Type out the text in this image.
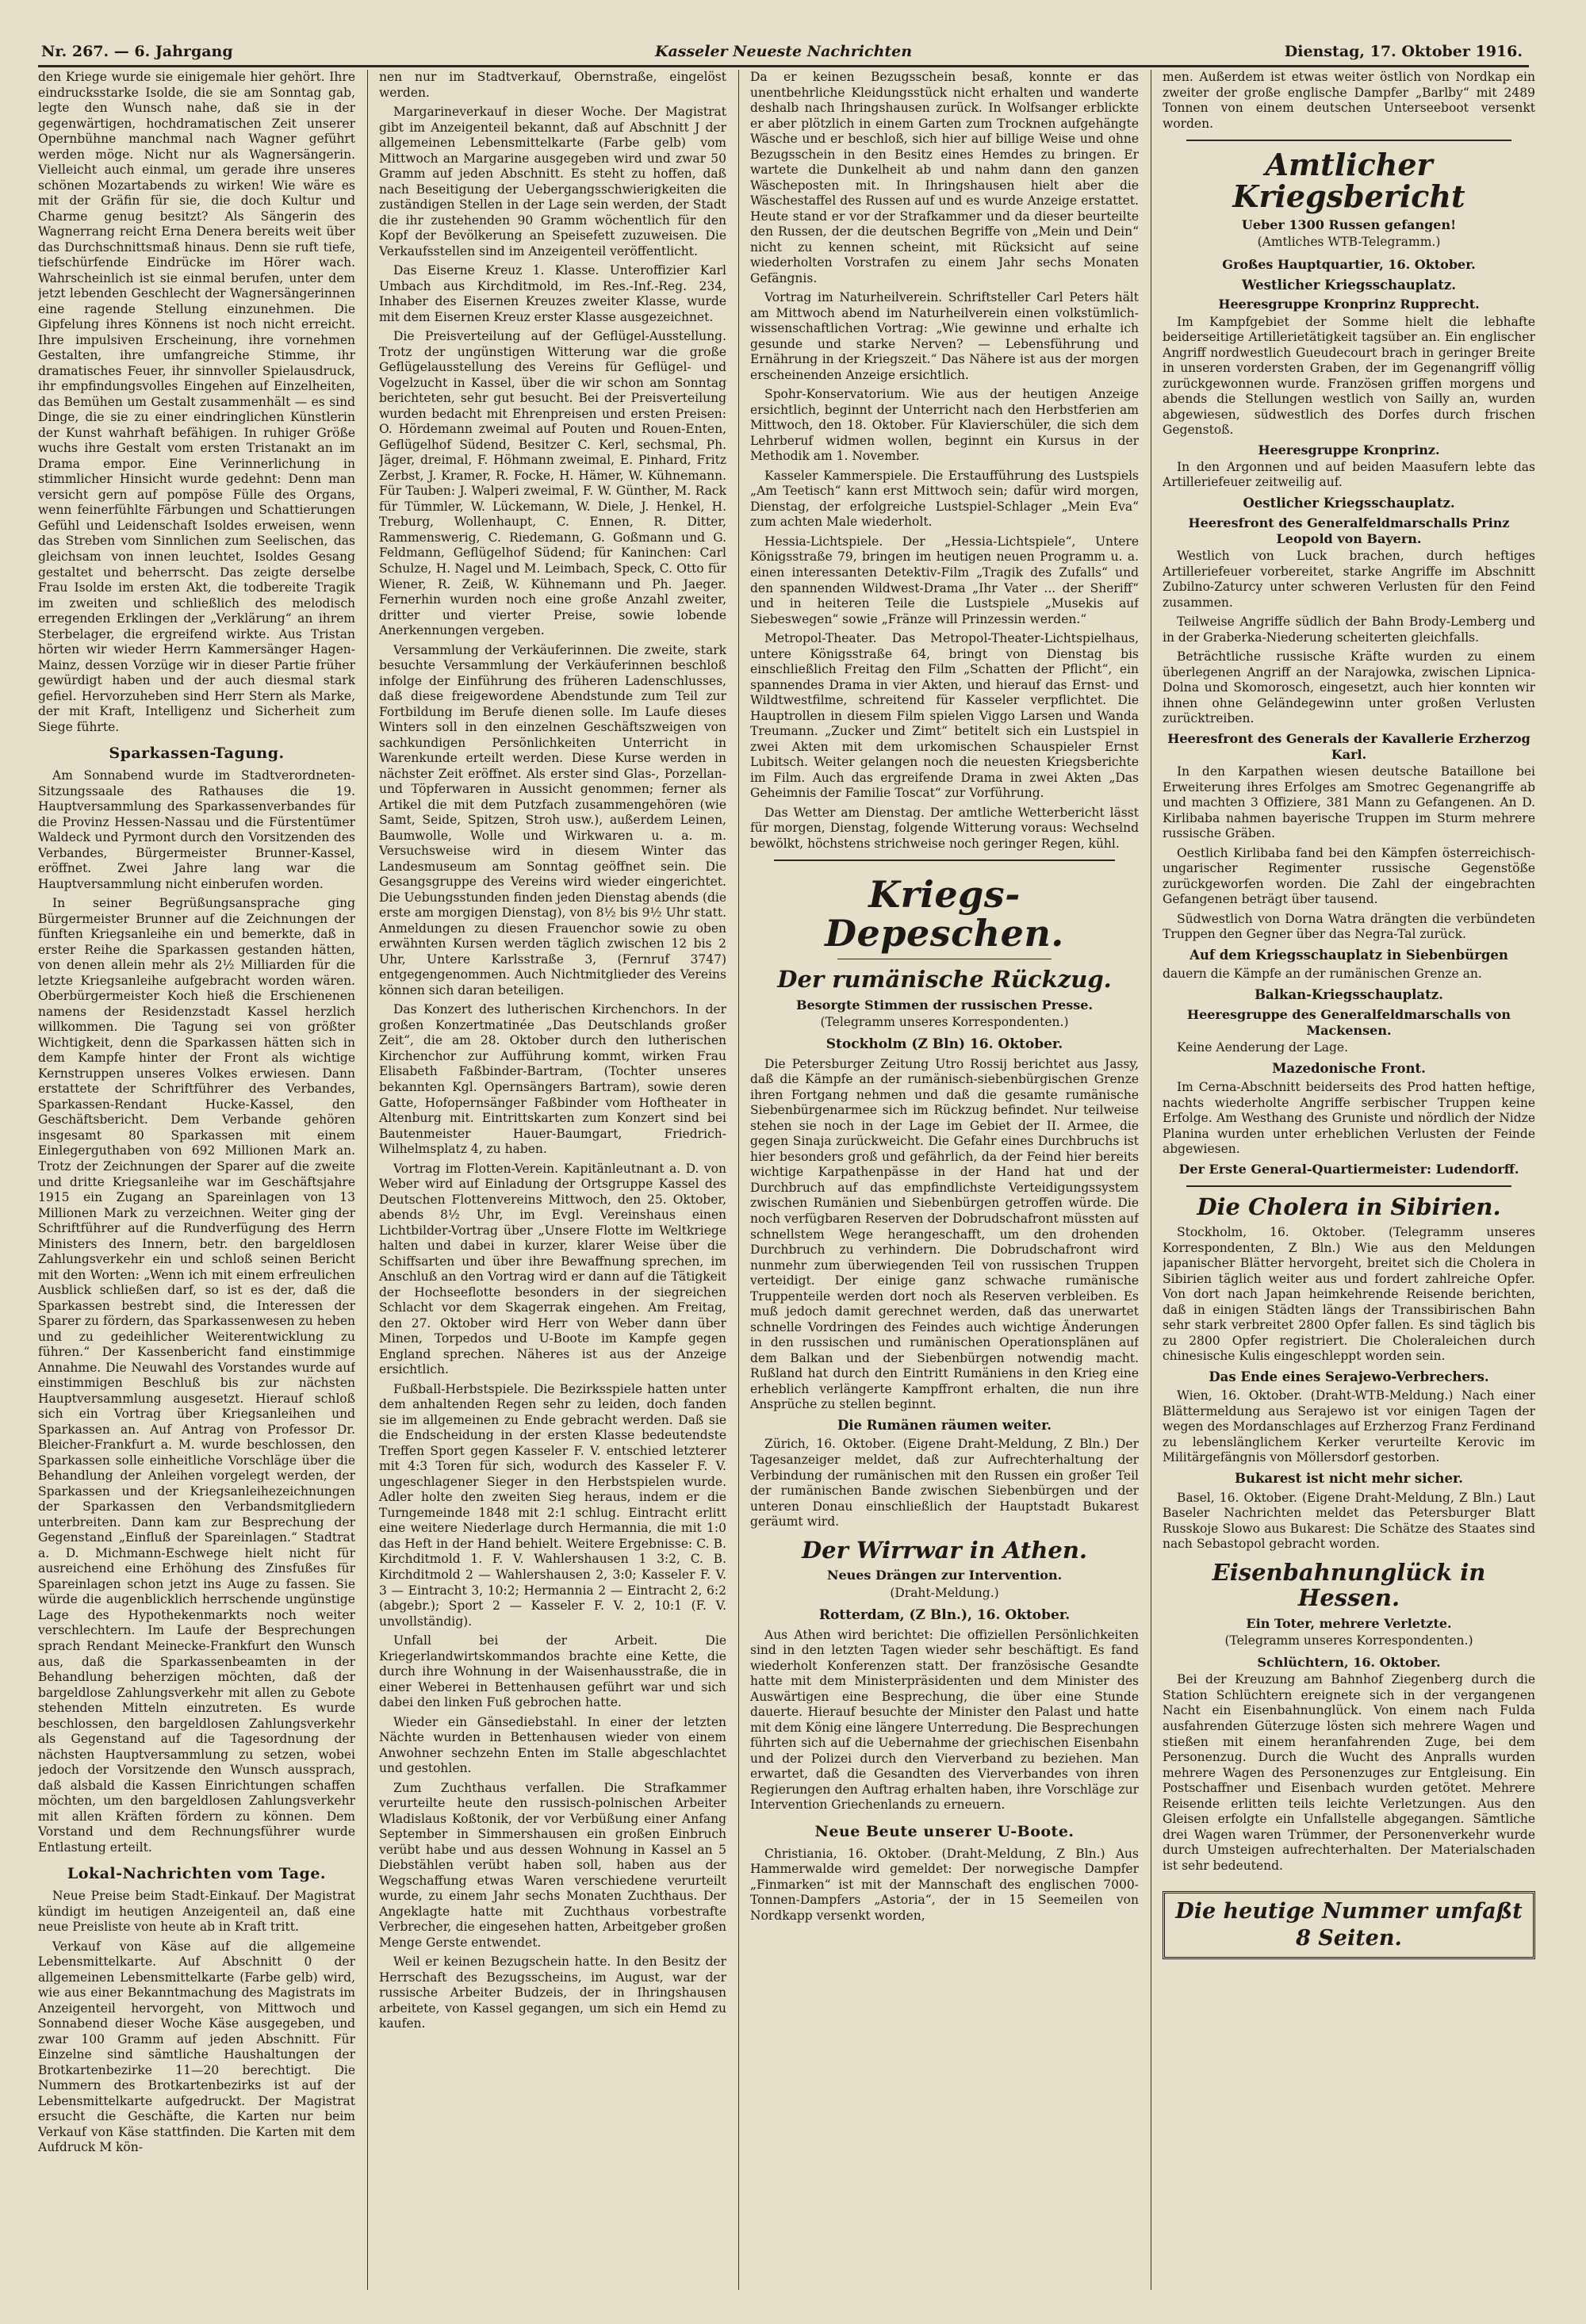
Nr. 267. — 6. Jahrgang	Kasseler Neueste Nachrichten	Dienstag, 17. Oktober 1916.

den Kriege wurde sie einigemale hier gehört. Ihre eindrucksstarke Isolde, die sie am Sonntag gab, legte den Wunsch nahe, daß sie in der gegenwärtigen, hochdramatischen Zeit unserer Opernbühne manchmal nach Wagner geführt werden möge. Nicht nur als Wagnersängerin. Vielleicht auch einmal, um gerade ihre unseres schönen Mozartabends zu wirken! Wie wäre es mit der Gräfin für sie, die doch Kultur und Charme genug besitzt? Als Sängerin des Wagnerrang reicht Erna Denera bereits weit über das Durchschnittsmaß hinaus. Denn sie ruft tiefe, tiefschürfende Eindrücke im Hörer wach. Wahrscheinlich ist sie einmal berufen, unter dem jetzt lebenden Geschlecht der Wagnersängerinnen eine ragende Stellung einzunehmen. Die Gipfelung ihres Könnens ist noch nicht erreicht. Ihre impulsiven Erscheinung, ihre vornehmen Gestalten, ihre umfangreiche Stimme, ihr dramatisches Feuer, ihr sinnvoller Spielausdruck, ihr empfindungsvolles Eingehen auf Einzelheiten, das Bemühen um Gestalt zusammenhält — es sind Dinge, die sie zu einer eindringlichen Künstlerin der Kunst wahrhaft befähigen. In ruhiger Größe wuchs ihre Gestalt vom ersten Tristanakt an im Drama empor. Eine Verinnerlichung in stimmlicher Hinsicht wurde gedehnt: Denn man versicht gern auf pompöse Fülle des Organs, wenn feinerfühlte Färbungen und Schattierungen Gefühl und Leidenschaft Isoldes erweisen, wenn das Streben vom Sinnlichen zum Seelischen, das gleichsam von innen leuchtet, Isoldes Gesang gestaltet und beherrscht. Das zeigte derselbe Frau Isolde im ersten Akt, die todbereite Tragik im zweiten und schließlich des melodisch erregenden Erklingen der „Verklärung“ an ihrem Sterbelager, die ergreifend wirkte. Aus Tristan hörten wir wieder Herrn Kammersänger Hagen-Mainz, dessen Vorzüge wir in dieser Partie früher gewürdigt haben und der auch diesmal stark gefiel. Hervorzuheben sind Herr Stern als Marke, der mit Kraft, Intelligenz und Sicherheit zum Siege führte.

Sparkassen-Tagung.

Am Sonnabend wurde im Stadtverordneten-Sitzungssaale des Rathauses die 19. Hauptversammlung des Sparkassenverbandes für die Provinz Hessen-Nassau und die Fürstentümer Waldeck und Pyrmont durch den Vorsitzenden des Verbandes, Bürgermeister Brunner-Kassel, eröffnet. Zwei Jahre lang war die Hauptversammlung nicht einberufen worden.

In seiner Begrüßungsansprache ging Bürgermeister Brunner auf die Zeichnungen der fünften Kriegsanleihe ein und bemerkte, daß in erster Reihe die Sparkassen gestanden hätten, von denen allein mehr als 2½ Milliarden für die letzte Kriegsanleihe aufgebracht worden wären. Oberbürgermeister Koch hieß die Erschienenen namens der Residenzstadt Kassel herzlich willkommen. Die Tagung sei von größter Wichtigkeit, denn die Sparkassen hätten sich in dem Kampfe hinter der Front als wichtige Kernstruppen unseres Volkes erwiesen. Dann erstattete der Schriftführer des Verbandes, Sparkassen-Rendant Hucke-Kassel, den Geschäftsbericht. Dem Verbande gehören insgesamt 80 Sparkassen mit einem Einlegerguthaben von 692 Millionen Mark an. Trotz der Zeichnungen der Sparer auf die zweite und dritte Kriegsanleihe war im Geschäftsjahre 1915 ein Zugang an Spareinlagen von 13 Millionen Mark zu verzeichnen. Weiter ging der Schriftführer auf die Rundverfügung des Herrn Ministers des Innern, betr. den bargeldlosen Zahlungsverkehr ein und schloß seinen Bericht mit den Worten: „Wenn ich mit einem erfreulichen Ausblick schließen darf, so ist es der, daß die Sparkassen bestrebt sind, die Interessen der Sparer zu fördern, das Sparkassenwesen zu heben und zu gedeihlicher Weiterentwicklung zu führen.“ Der Kassenbericht fand einstimmige Annahme. Die Neuwahl des Vorstandes wurde auf einstimmigen Beschluß bis zur nächsten Hauptversammlung ausgesetzt. Hierauf schloß sich ein Vortrag über Kriegsanleihen und Sparkassen an. Auf Antrag von Professor Dr. Bleicher-Frankfurt a. M. wurde beschlossen, den Sparkassen solle einheitliche Vorschläge über die Behandlung der Anleihen vorgelegt werden, der Sparkassen und der Kriegsanleihezeichnungen der Sparkassen den Verbandsmitgliedern unterbreiten. Dann kam zur Besprechung der Gegenstand „Einfluß der Spareinlagen.“ Stadtrat a. D. Michmann-Eschwege hielt nicht für ausreichend eine Erhöhung des Zinsfußes für Spareinlagen schon jetzt ins Auge zu fassen. Sie würde die augenblicklich herrschende ungünstige Lage des Hypothekenmarkts noch weiter verschlechtern. Im Laufe der Besprechungen sprach Rendant Meinecke-Frankfurt den Wunsch aus, daß die Sparkassenbeamten in der Behandlung beherzigen möchten, daß der bargeldlose Zahlungsverkehr mit allen zu Gebote stehenden Mitteln einzutreten. Es wurde beschlossen, den bargeldlosen Zahlungsverkehr als Gegenstand auf die Tagesordnung der nächsten Hauptversammlung zu setzen, wobei jedoch der Vorsitzende den Wunsch aussprach, daß alsbald die Kassen Einrichtungen schaffen möchten, um den bargeldlosen Zahlungsverkehr mit allen Kräften fördern zu können. Dem Vorstand und dem Rechnungsführer wurde Entlastung erteilt.

Lokal-Nachrichten vom Tage.

Neue Preise beim Stadt-Einkauf. Der Magistrat kündigt im heutigen Anzeigenteil an, daß eine neue Preisliste von heute ab in Kraft tritt.

Verkauf von Käse auf die allgemeine Lebensmittelkarte. Auf Abschnitt 0 der allgemeinen Lebensmittelkarte (Farbe gelb) wird, wie aus einer Bekanntmachung des Magistrats im Anzeigenteil hervorgeht, von Mittwoch und Sonnabend dieser Woche Käse ausgegeben, und zwar 100 Gramm auf jeden Abschnitt. Für Einzelne sind sämtliche Haushaltungen der Brotkartenbezirke 11—20 berechtigt. Die Nummern des Brotkartenbezirks ist auf der Lebensmittelkarte aufgedruckt. Der Magistrat ersucht die Geschäfte, die Karten nur beim Verkauf von Käse stattfinden. Die Karten mit dem Aufdruck M kön-

nen nur im Stadtverkauf, Obernstraße, eingelöst werden.

Margarineverkauf in dieser Woche. Der Magistrat gibt im Anzeigenteil bekannt, daß auf Abschnitt J der allgemeinen Lebensmittelkarte (Farbe gelb) vom Mittwoch an Margarine ausgegeben wird und zwar 50 Gramm auf jeden Abschnitt. Es steht zu hoffen, daß nach Beseitigung der Uebergangsschwierigkeiten die zuständigen Stellen in der Lage sein werden, der Stadt die ihr zustehenden 90 Gramm wöchentlich für den Kopf der Bevölkerung an Speisefett zuzuweisen. Die Verkaufsstellen sind im Anzeigenteil veröffentlicht.

Das Eiserne Kreuz 1. Klasse. Unteroffizier Karl Umbach aus Kirchditmold, im Res.-Inf.-Reg. 234, Inhaber des Eisernen Kreuzes zweiter Klasse, wurde mit dem Eisernen Kreuz erster Klasse ausgezeichnet.

Die Preisverteilung auf der Geflügel-Ausstellung. Trotz der ungünstigen Witterung war die große Geflügelausstellung des Vereins für Geflügel- und Vogelzucht in Kassel, über die wir schon am Sonntag berichteten, sehr gut besucht. Bei der Preisverteilung wurden bedacht mit Ehrenpreisen und ersten Preisen: O. Hördemann zweimal auf Pouten und Rouen-Enten, Geflügelhof Südend, Besitzer C. Kerl, sechsmal, Ph. Jäger, dreimal, F. Höhmann zweimal, E. Pinhard, Fritz Zerbst, J. Kramer, R. Focke, H. Hämer, W. Kühnemann. Für Tauben: J. Walperi zweimal, F. W. Günther, M. Rack für Tümmler, W. Lückemann, W. Diele, J. Henkel, H. Treburg, Wollenhaupt, C. Ennen, R. Ditter, Rammenswerig, C. Riedemann, G. Goßmann und G. Feldmann, Geflügelhof Südend; für Kaninchen: Carl Schulze, H. Nagel und M. Leimbach, Speck, C. Otto für Wiener, R. Zeiß, W. Kühnemann und Ph. Jaeger. Fernerhin wurden noch eine große Anzahl zweiter, dritter und vierter Preise, sowie lobende Anerkennungen vergeben.

Versammlung der Verkäuferinnen. Die zweite, stark besuchte Versammlung der Verkäuferinnen beschloß infolge der Einführung des früheren Ladenschlusses, daß diese freigewordene Abendstunde zum Teil zur Fortbildung im Berufe dienen solle. Im Laufe dieses Winters soll in den einzelnen Geschäftszweigen von sachkundigen Persönlichkeiten Unterricht in Warenkunde erteilt werden. Diese Kurse werden in nächster Zeit eröffnet. Als erster sind Glas-, Porzellan- und Töpferwaren in Aussicht genommen; ferner als Artikel die mit dem Putzfach zusammengehören (wie Samt, Seide, Spitzen, Stroh usw.), außerdem Leinen, Baumwolle, Wolle und Wirkwaren u. a. m. Versuchsweise wird in diesem Winter das Landesmuseum am Sonntag geöffnet sein. Die Gesangsgruppe des Vereins wird wieder eingerichtet. Die Uebungsstunden finden jeden Dienstag abends (die erste am morgigen Dienstag), von 8½ bis 9½ Uhr statt. Anmeldungen zu diesen Frauenchor sowie zu oben erwähnten Kursen werden täglich zwischen 12 bis 2 Uhr, Untere Karlsstraße 3, (Fernruf 3747) entgegengenommen. Auch Nichtmitglieder des Vereins können sich daran beteiligen.

Das Konzert des lutherischen Kirchenchors. In der großen Konzertmatinée „Das Deutschlands großer Zeit“, die am 28. Oktober durch den lutherischen Kirchenchor zur Aufführung kommt, wirken Frau Elisabeth Faßbinder-Bartram, (Tochter unseres bekannten Kgl. Opernsängers Bartram), sowie deren Gatte, Hofopernsänger Faßbinder vom Hoftheater in Altenburg mit. Eintrittskarten zum Konzert sind bei Bautenmeister Hauer-Baumgart, Friedrich-Wilhelmsplatz 4, zu haben.

Vortrag im Flotten-Verein. Kapitänleutnant a. D. von Weber wird auf Einladung der Ortsgruppe Kassel des Deutschen Flottenvereins Mittwoch, den 25. Oktober, abends 8½ Uhr, im Evgl. Vereinshaus einen Lichtbilder-Vortrag über „Unsere Flotte im Weltkriege halten und dabei in kurzer, klarer Weise über die Schiffsarten und über ihre Bewaffnung sprechen, im Anschluß an den Vortrag wird er dann auf die Tätigkeit der Hochseeflotte besonders in der siegreichen Schlacht vor dem Skagerrak eingehen. Am Freitag, den 27. Oktober wird Herr von Weber dann über Minen, Torpedos und U-Boote im Kampfe gegen England sprechen. Näheres ist aus der Anzeige ersichtlich.

Fußball-Herbstspiele. Die Bezirksspiele hatten unter dem anhaltenden Regen sehr zu leiden, doch fanden sie im allgemeinen zu Ende gebracht werden. Daß sie die Endscheidung in der ersten Klasse bedeutendste Treffen Sport gegen Kasseler F. V. entschied letzterer mit 4:3 Toren für sich, wodurch des Kasseler F. V. ungeschlagener Sieger in den Herbstspielen wurde. Adler holte den zweiten Sieg heraus, indem er die Turngemeinde 1848 mit 2:1 schlug. Eintracht erlitt eine weitere Niederlage durch Hermannia, die mit 1:0 das Heft in der Hand behielt. Weitere Ergebnisse: C. B. Kirchditmold 1. F. V. Wahlershausen 1 3:2, C. B. Kirchditmold 2 — Wahlershausen 2, 3:0; Kasseler F. V. 3 — Eintracht 3, 10:2; Hermannia 2 — Eintracht 2, 6:2 (abgebr.); Sport 2 — Kasseler F. V. 2, 10:1 (F. V. unvollständig).

Unfall bei der Arbeit. Die Kriegerlandwirtskommandos brachte eine Kette, die durch ihre Wohnung in der Waisenhausstraße, die in einer Weberei in Bettenhausen geführt war und sich dabei den linken Fuß gebrochen hatte.

Wieder ein Gänsediebstahl. In einer der letzten Nächte wurden in Bettenhausen wieder von einem Anwohner sechzehn Enten im Stalle abgeschlachtet und gestohlen.

Zum Zuchthaus verfallen. Die Strafkammer verurteilte heute den russisch-polnischen Arbeiter Wladislaus Koßtonik, der vor Verbüßung einer Anfang September in Simmershausen ein großen Einbruch verübt habe und aus dessen Wohnung in Kassel an 5 Diebstählen verübt haben soll, haben aus der Wegschaffung etwas Waren verschiedene verurteilt wurde, zu einem Jahr sechs Monaten Zuchthaus. Der Angeklagte hatte mit Zuchthaus vorbestrafte Verbrecher, die eingesehen hatten, Arbeitgeber großen Menge Gerste entwendet.

Weil er keinen Bezugschein hatte. In den Besitz der Herrschaft des Bezugsscheins, im August, war der russische Arbeiter Budzeis, der in Ihringshausen arbeitete, von Kassel gegangen, um sich ein Hemd zu kaufen.

Da er keinen Bezugsschein besaß, konnte er das unentbehrliche Kleidungsstück nicht erhalten und wanderte deshalb nach Ihringshausen zurück. In Wolfsanger erblickte er aber plötzlich in einem Garten zum Trocknen aufgehängte Wäsche und er beschloß, sich hier auf billige Weise und ohne Bezugsschein in den Besitz eines Hemdes zu bringen. Er wartete die Dunkelheit ab und nahm dann den ganzen Wäscheposten mit. In Ihringshausen hielt aber die Wäschestaffel des Russen auf und es wurde Anzeige erstattet. Heute stand er vor der Strafkammer und da dieser beurteilte den Russen, der die deutschen Begriffe von „Mein und Dein“ nicht zu kennen scheint, mit Rücksicht auf seine wiederholten Vorstrafen zu einem Jahr sechs Monaten Gefängnis.

Vortrag im Naturheilverein. Schriftsteller Carl Peters hält am Mittwoch abend im Naturheilverein einen volkstümlich-wissenschaftlichen Vortrag: „Wie gewinne und erhalte ich gesunde und starke Nerven? — Lebensführung und Ernährung in der Kriegszeit.“ Das Nähere ist aus der morgen erscheinenden Anzeige ersichtlich.

Spohr-Konservatorium. Wie aus der heutigen Anzeige ersichtlich, beginnt der Unterricht nach den Herbstferien am Mittwoch, den 18. Oktober. Für Klavierschüler, die sich dem Lehrberuf widmen wollen, beginnt ein Kursus in der Methodik am 1. November.

Kasseler Kammerspiele. Die Erstaufführung des Lustspiels „Am Teetisch“ kann erst Mittwoch sein; dafür wird morgen, Dienstag, der erfolgreiche Lustspiel-Schlager „Mein Eva“ zum achten Male wiederholt.

Hessia-Lichtspiele. Der „Hessia-Lichtspiele“, Untere Königsstraße 79, bringen im heutigen neuen Programm u. a. einen interessanten Detektiv-Film „Tragik des Zufalls“ und den spannenden Wildwest-Drama „Ihr Vater ... der Sheriff“ und in heiteren Teile die Lustspiele „Musekis auf Siebeswegen“ sowie „Fränze will Prinzessin werden.“

Metropol-Theater. Das Metropol-Theater-Lichtspielhaus, untere Königsstraße 64, bringt von Dienstag bis einschließlich Freitag den Film „Schatten der Pflicht“, ein spannendes Drama in vier Akten, und hierauf das Ernst- und Wildtwestfilme, schreitend für Kasseler verpflichtet. Die Hauptrollen in diesem Film spielen Viggo Larsen und Wanda Treumann. „Zucker und Zimt“ betitelt sich ein Lustspiel in zwei Akten mit dem urkomischen Schauspieler Ernst Lubitsch. Weiter gelangen noch die neuesten Kriegsberichte im Film. Auch das ergreifende Drama in zwei Akten „Das Geheimnis der Familie Toscat“ zur Vorführung.

Das Wetter am Dienstag. Der amtliche Wetterbericht lässt für morgen, Dienstag, folgende Witterung voraus: Wechselnd bewölkt, höchstens strichweise noch geringer Regen, kühl.

Kriegs-Depeschen.
Der rumänische Rückzug.
Besorgte Stimmen der russischen Presse.
(Telegramm unseres Korrespondenten.)
Stockholm (Z Bln) 16. Oktober.

Die Petersburger Zeitung Utro Rossij berichtet aus Jassy, daß die Kämpfe an der rumänisch-siebenbürgischen Grenze ihren Fortgang nehmen und daß die gesamte rumänische Siebenbürgenarmee sich im Rückzug befindet. Nur teilweise stehen sie noch in der Lage im Gebiet der II. Armee, die gegen Sinaja zurückweicht. Die Gefahr eines Durchbruchs ist hier besonders groß und gefährlich, da der Feind hier bereits wichtige Karpathenpässe in der Hand hat und der Durchbruch auf das empfindlichste Verteidigungssystem zwischen Rumänien und Siebenbürgen getroffen würde. Die noch verfügbaren Reserven der Dobrudschafront müssten auf schnellstem Wege herangeschafft, um den drohenden Durchbruch zu verhindern. Die Dobrudschafront wird nunmehr zum überwiegenden Teil von russischen Truppen verteidigt. Der einige ganz schwache rumänische Truppenteile werden dort noch als Reserven verbleiben. Es muß jedoch damit gerechnet werden, daß das unerwartet schnelle Vordringen des Feindes auch wichtige Änderungen in den russischen und rumänischen Operationsplänen auf dem Balkan und der Siebenbürgen notwendig macht. Rußland hat durch den Eintritt Rumäniens in den Krieg eine erheblich verlängerte Kampffront erhalten, die nun ihre Ansprüche zu stellen beginnt.

Die Rumänen räumen weiter.

Zürich, 16. Oktober. (Eigene Draht-Meldung, Z Bln.) Der Tagesanzeiger meldet, daß zur Aufrechterhaltung der Verbindung der rumänischen mit den Russen ein großer Teil der rumänischen Bande zwischen Siebenbürgen und der unteren Donau einschließlich der Hauptstadt Bukarest geräumt wird.

Der Wirrwar in Athen.
Neues Drängen zur Intervention.
(Draht-Meldung.)
Rotterdam, (Z Bln.), 16. Oktober.

Aus Athen wird berichtet: Die offiziellen Persönlichkeiten sind in den letzten Tagen wieder sehr beschäftigt. Es fand wiederholt Konferenzen statt. Der französische Gesandte hatte mit dem Ministerpräsidenten und dem Minister des Auswärtigen eine Besprechung, die über eine Stunde dauerte. Hierauf besuchte der Minister den Palast und hatte mit dem König eine längere Unterredung. Die Besprechungen führten sich auf die Uebernahme der griechischen Eisenbahn und der Polizei durch den Vierverband zu beziehen. Man erwartet, daß die Gesandten des Vierverbandes von ihren Regierungen den Auftrag erhalten haben, ihre Vorschläge zur Intervention Griechenlands zu erneuern.

Neue Beute unserer U-Boote.

Christiania, 16. Oktober. (Draht-Meldung, Z Bln.) Aus Hammerwalde wird gemeldet: Der norwegische Dampfer „Finmarken“ ist mit der Mannschaft des englischen 7000-Tonnen-Dampfers „Astoria“, der in 15 Seemeilen von Nordkapp versenkt worden,

men. Außerdem ist etwas weiter östlich von Nordkap ein zweiter der große englische Dampfer „Barlby“ mit 2489 Tonnen von einem deutschen Unterseeboot versenkt worden.

Amtlicher Kriegsbericht
Ueber 1300 Russen gefangen!
(Amtliches WTB-Telegramm.)
Großes Hauptquartier, 16. Oktober.
Westlicher Kriegsschauplatz.
Heeresgruppe Kronprinz Rupprecht.

Im Kampfgebiet der Somme hielt die lebhafte beiderseitige Artillerietätigkeit tagsüber an. Ein englischer Angriff nordwestlich Gueudecourt brach in geringer Breite in unseren vordersten Graben, der im Gegenangriff völlig zurückgewonnen wurde. Französen griffen morgens und abends die Stellungen westlich von Sailly an, wurden abgewiesen, südwestlich des Dorfes durch frischen Gegenstoß.

Heeresgruppe Kronprinz.

In den Argonnen und auf beiden Maasufern lebte das Artilleriefeuer zeitweilig auf.

Oestlicher Kriegsschauplatz.
Heeresfront des Generalfeldmarschalls Prinz Leopold von Bayern.

Westlich von Luck brachen, durch heftiges Artilleriefeuer vorbereitet, starke Angriffe im Abschnitt Zubilno-Zaturcy unter schweren Verlusten für den Feind zusammen.

Teilweise Angriffe südlich der Bahn Brody-Lemberg und in der Graberka-Niederung scheiterten gleichfalls.

Beträchtliche russische Kräfte wurden zu einem überlegenen Angriff an der Narajowka, zwischen Lipnica-Dolna und Skomorosch, eingesetzt, auch hier konnten wir ihnen ohne Geländegewinn unter großen Verlusten zurücktreiben.

Heeresfront des Generals der Kavallerie Erzherzog Karl.

In den Karpathen wiesen deutsche Bataillone bei Erweiterung ihres Erfolges am Smotrec Gegenangriffe ab und machten 3 Offiziere, 381 Mann zu Gefangenen. An D. Kirlibaba nahmen bayerische Truppen im Sturm mehrere russische Gräben.

Oestlich Kirlibaba fand bei den Kämpfen österreichisch-ungarischer Regimenter russische Gegenstöße zurückgeworfen worden. Die Zahl der eingebrachten Gefangenen beträgt über tausend.

Südwestlich von Dorna Watra drängten die verbündeten Truppen den Gegner über das Negra-Tal zurück.

Auf dem Kriegsschauplatz in Siebenbürgen

dauern die Kämpfe an der rumänischen Grenze an.

Balkan-Kriegsschauplatz.
Heeresgruppe des Generalfeldmarschalls von Mackensen.

Keine Aenderung der Lage.

Mazedonische Front.

Im Cerna-Abschnitt beiderseits des Prod hatten heftige, nachts wiederholte Angriffe serbischer Truppen keine Erfolge. Am Westhang des Gruniste und nördlich der Nidze Planina wurden unter erheblichen Verlusten der Feinde abgewiesen.

Der Erste General-Quartiermeister: Ludendorff.
Die Cholera in Sibirien.

Stockholm, 16. Oktober. (Telegramm unseres Korrespondenten, Z Bln.) Wie aus den Meldungen japanischer Blätter hervorgeht, breitet sich die Cholera in Sibirien täglich weiter aus und fordert zahlreiche Opfer. Von dort nach Japan heimkehrende Reisende berichten, daß in einigen Städten längs der Transsibirischen Bahn sehr stark verbreitet 2800 Opfer fallen. Es sind täglich bis zu 2800 Opfer registriert. Die Choleraleichen durch chinesische Kulis eingeschleppt worden sein.

Das Ende eines Serajewo-Verbrechers.

Wien, 16. Oktober. (Draht-WTB-Meldung.) Nach einer Blättermeldung aus Serajewo ist vor einigen Tagen der wegen des Mordanschlages auf Erzherzog Franz Ferdinand zu lebenslänglichem Kerker verurteilte Kerovic im Militärgefängnis von Möllersdorf gestorben.

Bukarest ist nicht mehr sicher.

Basel, 16. Oktober. (Eigene Draht-Meldung, Z Bln.) Laut Baseler Nachrichten meldet das Petersburger Blatt Russkoje Slowo aus Bukarest: Die Schätze des Staates sind nach Sebastopol gebracht worden.

Eisenbahnunglück in Hessen.
Ein Toter, mehrere Verletzte.
(Telegramm unseres Korrespondenten.)
Schlüchtern, 16. Oktober.

Bei der Kreuzung am Bahnhof Ziegenberg durch die Station Schlüchtern ereignete sich in der vergangenen Nacht ein Eisenbahnunglück. Von einem nach Fulda ausfahrenden Güterzuge lösten sich mehrere Wagen und stießen mit einem heranfahrenden Zuge, bei dem Personenzug. Durch die Wucht des Anpralls wurden mehrere Wagen des Personenzuges zur Entgleisung. Ein Postschaffner und Eisenbach wurden getötet. Mehrere Reisende erlitten teils leichte Verletzungen. Aus den Gleisen erfolgte ein Unfallstelle abgegangen. Sämtliche drei Wagen waren Trümmer, der Personenverkehr wurde durch Umsteigen aufrechterhalten. Der Materialschaden ist sehr bedeutend.

Die heutige Nummer umfaßt 8 Seiten.
